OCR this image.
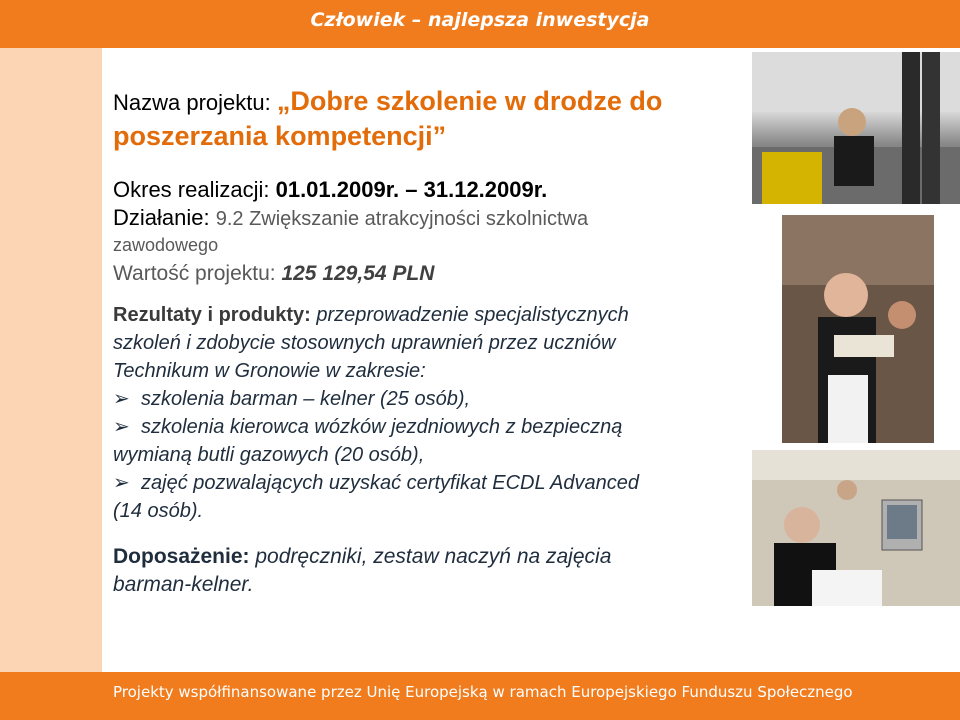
Człowiek – najlepsza inwestycja
Nazwa projektu: „Dobre szkolenie w drodze do
poszerzania kompetencji”
Okres realizacji: 01.01.2009r. – 31.12.2009r.
Działanie: 9.2 Zwiększanie atrakcyjności szkolnictwa
zawodowego
Wartość projektu: 125 129,54 PLN
Rezultaty i produkty: przeprowadzenie specjalistycznych
szkoleń i zdobycie stosownych uprawnień przez uczniów
Technikum w Gronowie w zakresie:
➢ szkolenia barman – kelner (25 osób),
➢ szkolenia kierowca wózków jezdniowych z bezpieczną
wymianą butli gazowych (20 osób),
➢ zajęć pozwalających uzyskać certyfikat ECDL Advanced
(14 osób).
Doposażenie: podręczniki, zestaw naczyń na zajęcia
barman-kelner.
Projekty współfinansowane przez Unię Europejską w ramach Europejskiego Funduszu Społecznego
